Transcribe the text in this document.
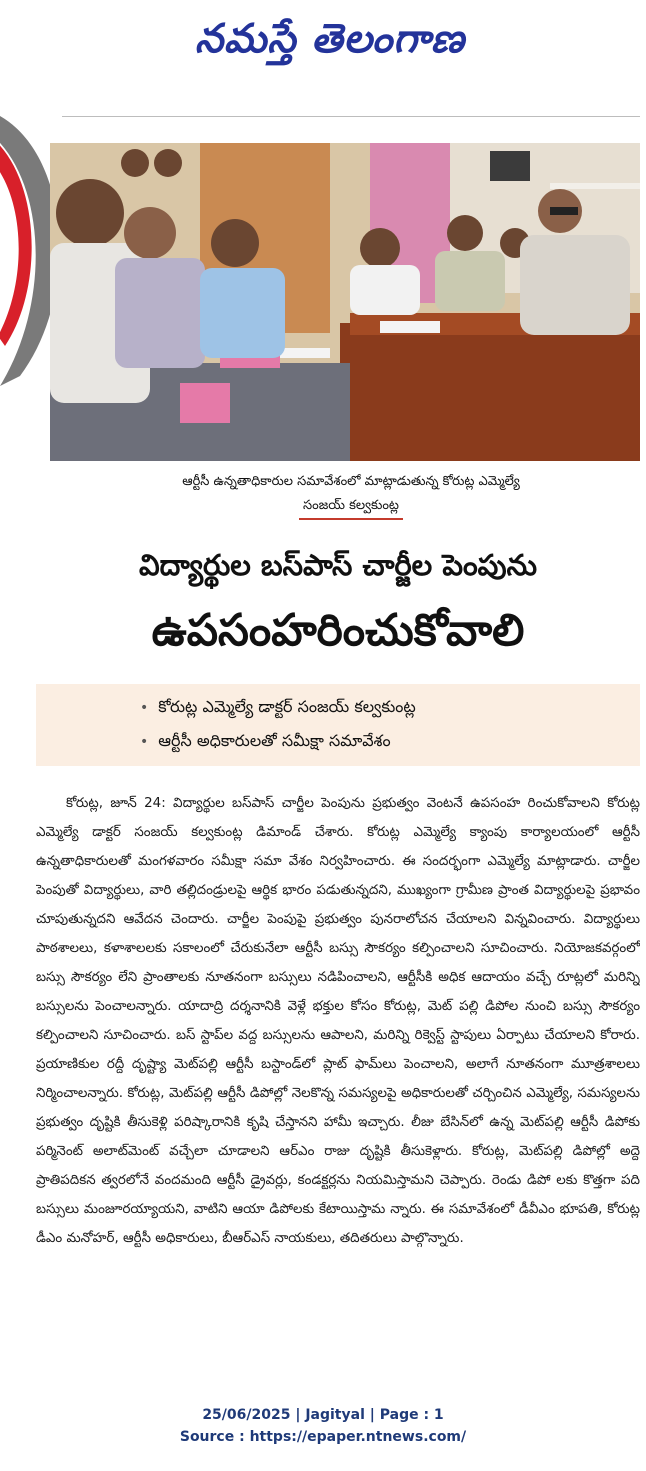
నమస్తే తెలంగాణ
ఆర్టీసీ ఉన్నతాధికారుల సమావేశంలో మాట్లాడుతున్న కోరుట్ల ఎమ్మెల్యే
సంజయ్ కల్వకుంట్ల
విద్యార్థుల బస్‌పాస్ చార్జీల పెంపును
ఉపసంహరించుకోవాలి
• కోరుట్ల ఎమ్మెల్యే డాక్టర్ సంజయ్ కల్వకుంట్ల
• ఆర్టీసీ అధికారులతో సమీక్షా సమావేశం
కోరుట్ల, జూన్ 24: విద్యార్థుల బస్‌పాస్ చార్జీల పెంపును ప్రభుత్వం వెంటనే ఉపసంహ రించుకోవాలని కోరుట్ల ఎమ్మెల్యే డాక్టర్ సంజయ్ కల్వకుంట్ల డిమాండ్ చేశారు. కోరుట్ల ఎమ్మెల్యే క్యాంపు కార్యాలయంలో ఆర్టీసీ ఉన్నతాధికారులతో మంగళవారం సమీక్షా సమా వేశం నిర్వహించారు. ఈ సందర్భంగా ఎమ్మెల్యే మాట్లాడారు. చార్జీల పెంపుతో విద్యార్థులు, వారి తల్లిదండ్రులపై ఆర్థిక భారం పడుతున్నదని, ముఖ్యంగా గ్రామీణ ప్రాంత విద్యార్థులపై ప్రభావం చూపుతున్నదని ఆవేదన చెందారు. చార్జీల పెంపుపై ప్రభుత్వం పునరాలోచన చేయాలని విన్నవించారు. విద్యార్థులు పాఠశాలలు, కళాశాలలకు సకాలంలో చేరుకునేలా ఆర్టీసీ బస్సు సౌకర్యం కల్పించాలని సూచించారు. నియోజకవర్గంలో బస్సు సౌకర్యం లేని ప్రాంతాలకు నూతనంగా బస్సులు నడిపించాలని, ఆర్టీసీకి అధిక ఆదాయం వచ్చే రూట్లలో మరిన్ని బస్సులను పెంచాలన్నారు. యాదాద్రి దర్శనానికి వెళ్లే భక్తుల కోసం కోరుట్ల, మెట్ పల్లి డిపోల నుంచి బస్సు సౌకర్యం కల్పించాలని సూచించారు. బస్ స్టాప్‌ల వద్ద బస్సులను ఆపాలని, మరిన్ని రిక్వెస్ట్ స్టాపులు ఏర్పాటు చేయాలని కోరారు. ప్రయాణికుల రద్దీ దృష్ట్యా మెట్‌పల్లి ఆర్టీసీ బస్టాండ్‌లో ప్లాట్ ఫామ్‌లు పెంచాలని, అలాగే నూతనంగా మూత్రశాలలు నిర్మించాలన్నారు. కోరుట్ల, మెట్‌పల్లి ఆర్టీసీ డిపోల్లో నెలకొన్న సమస్యలపై అధికారులతో చర్చించిన ఎమ్మెల్యే, సమస్యలను ప్రభుత్వం దృష్టికి తీసుకెళ్లి పరిష్కారానికి కృషి చేస్తానని హామీ ఇచ్చారు. లీజు బేసిన్‌లో ఉన్న మెట్‌పల్లి ఆర్టీసీ డిపోకు పర్మినెంట్ అలాట్‌మెంట్ వచ్చేలా చూడాలని ఆర్‌ఎం రాజు దృష్టికి తీసుకెళ్లారు. కోరుట్ల, మెట్‌పల్లి డిపోల్లో అద్దె ప్రాతిపదికన త్వరలోనే వందమంది ఆర్టీసీ డ్రైవర్లు, కండక్టర్లను నియమిస్తామని చెప్పారు. రెండు డిపో లకు కొత్తగా పది బస్సులు మంజూరయ్యాయని, వాటిని ఆయా డిపోలకు కేటాయిస్తామ న్నారు. ఈ సమావేశంలో డీవీఎం భూపతి, కోరుట్ల డీఎం మనోహర్, ఆర్టీసీ అధికారులు, బీఆర్‌ఎస్ నాయకులు, తదితరులు పాల్గొన్నారు.
25/06/2025 | Jagityal | Page : 1
Source : https://epaper.ntnews.com/
